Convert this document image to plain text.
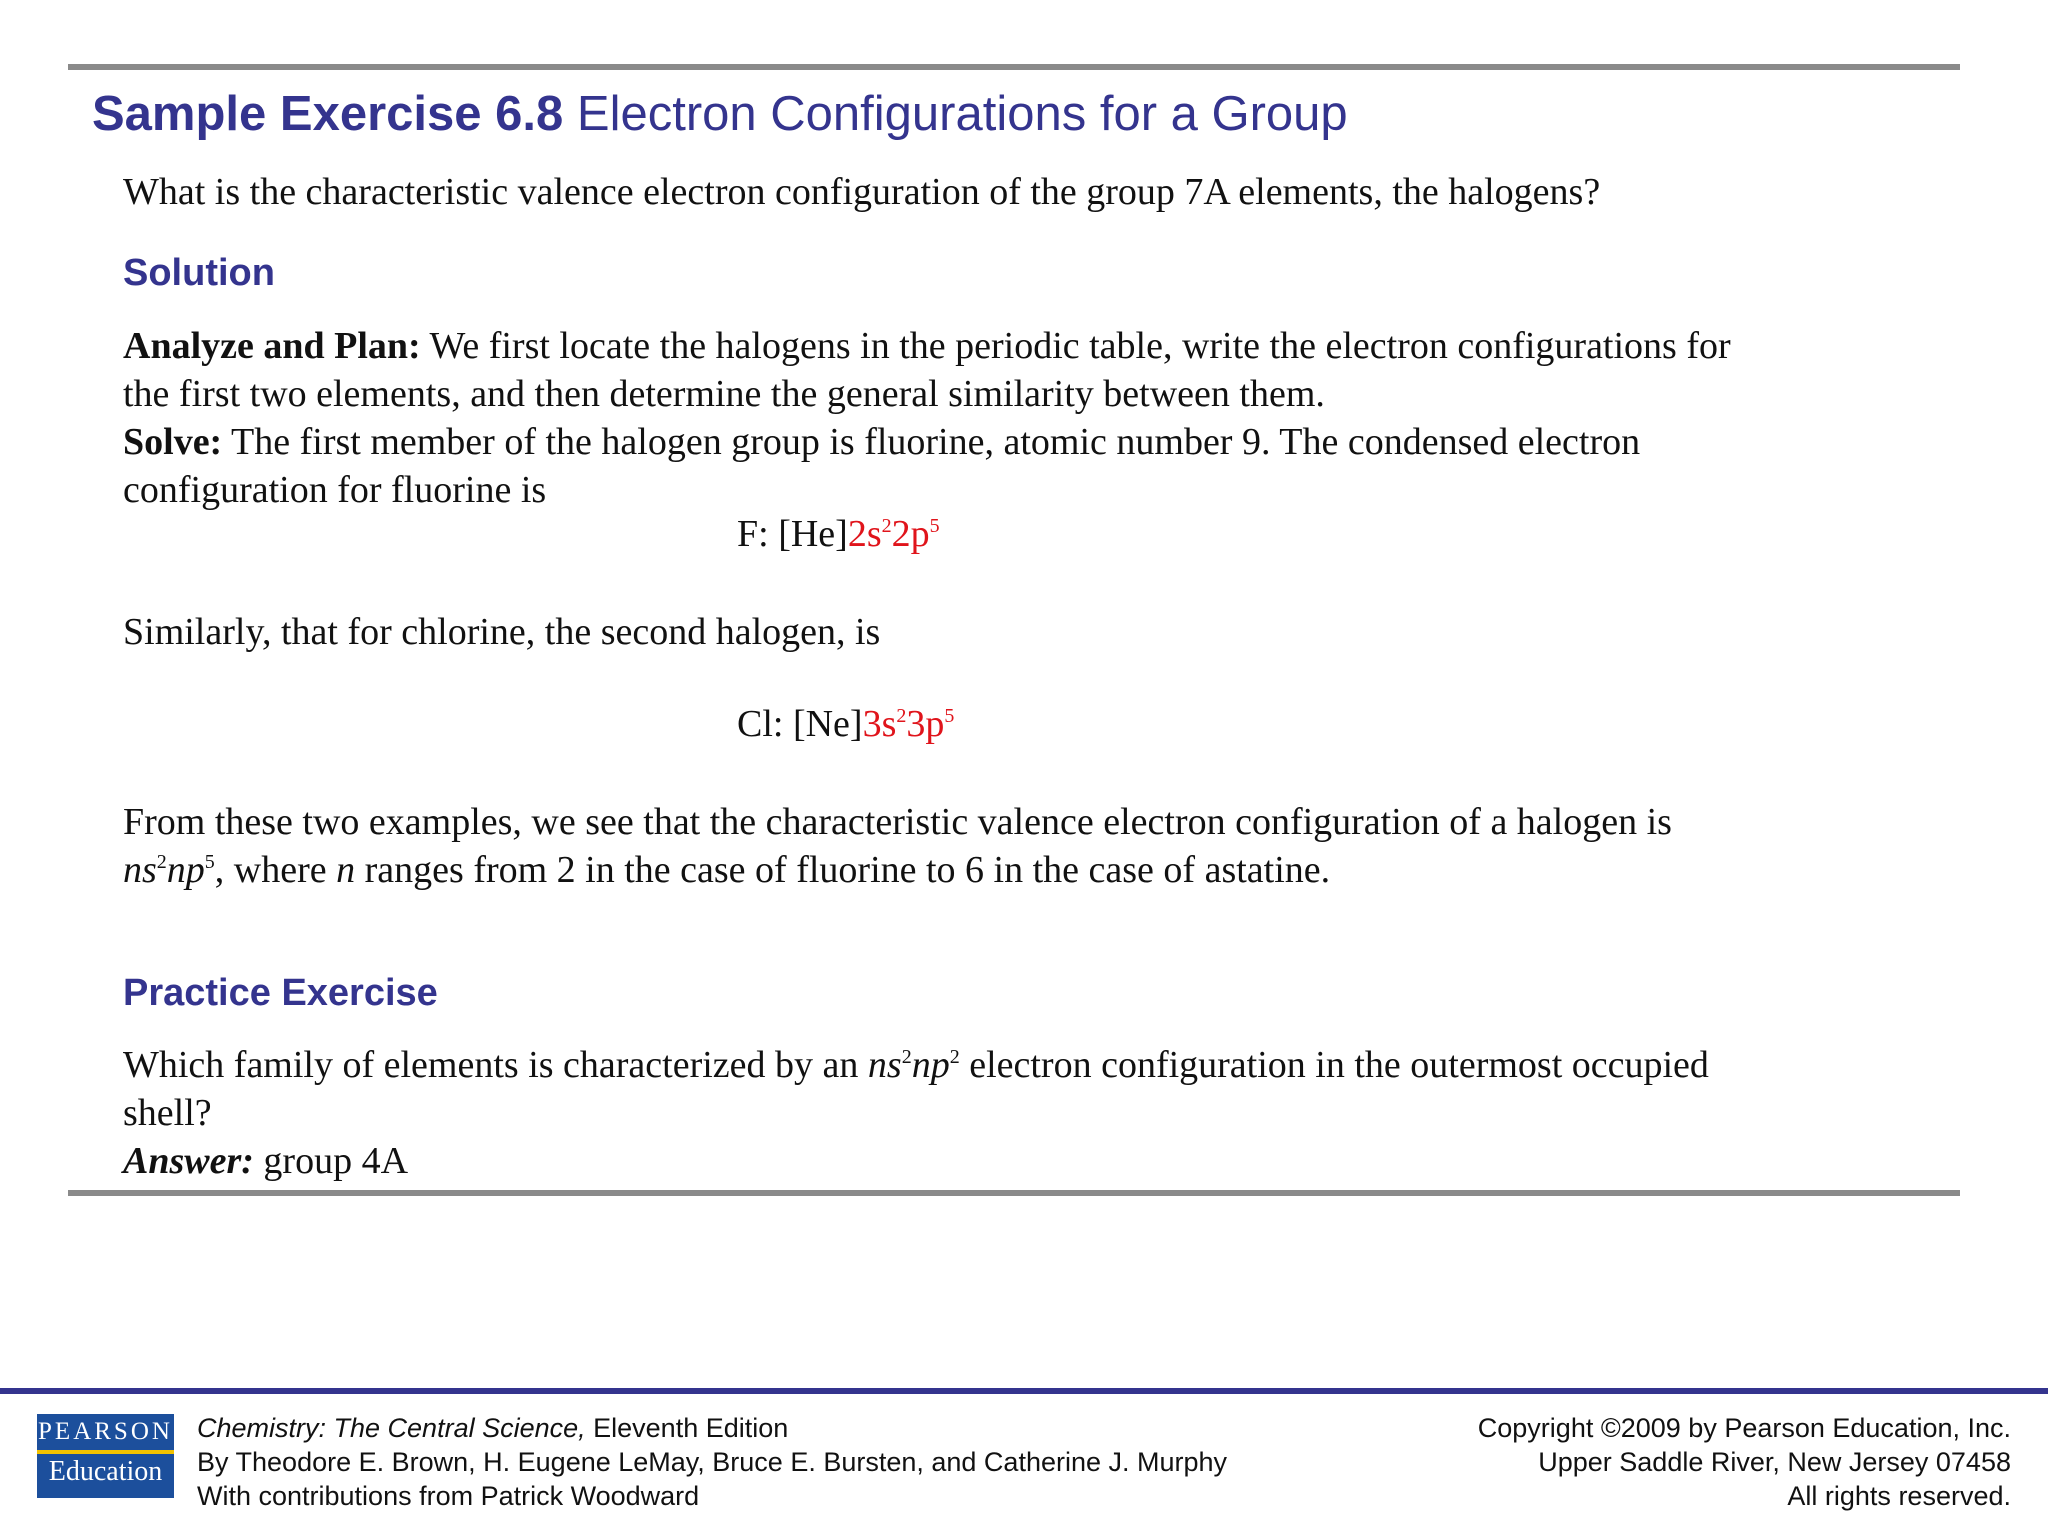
Sample Exercise 6.8 Electron Configurations for a Group
What is the characteristic valence electron configuration of the group 7A elements, the halogens?
Solution
Analyze and Plan: We first locate the halogens in the periodic table, write the electron configurations for
the first two elements, and then determine the general similarity between them.
Solve: The first member of the halogen group is fluorine, atomic number 9. The condensed electron
configuration for fluorine is
F: $[He]2s^22p^5$
Similarly, that for chlorine, the second halogen, is
Cl: $[Ne]3s^23p^5$
From these two examples, we see that the characteristic valence electron configuration of a halogen is
$ns^2np^5$, where n ranges from 2 in the case of fluorine to 6 in the case of astatine.
Practice Exercise
Which family of elements is characterized by an $ns^2np^2$ electron configuration in the outermost occupied
shell?
Answer: group 4A
PEARSON
Education
Chemistry: The Central Science, Eleventh Edition
By Theodore E. Brown, H. Eugene LeMay, Bruce E. Bursten, and Catherine J. Murphy
With contributions from Patrick Woodward
Copyright ©2009 by Pearson Education, Inc.
Upper Saddle River, New Jersey 07458
All rights reserved.
